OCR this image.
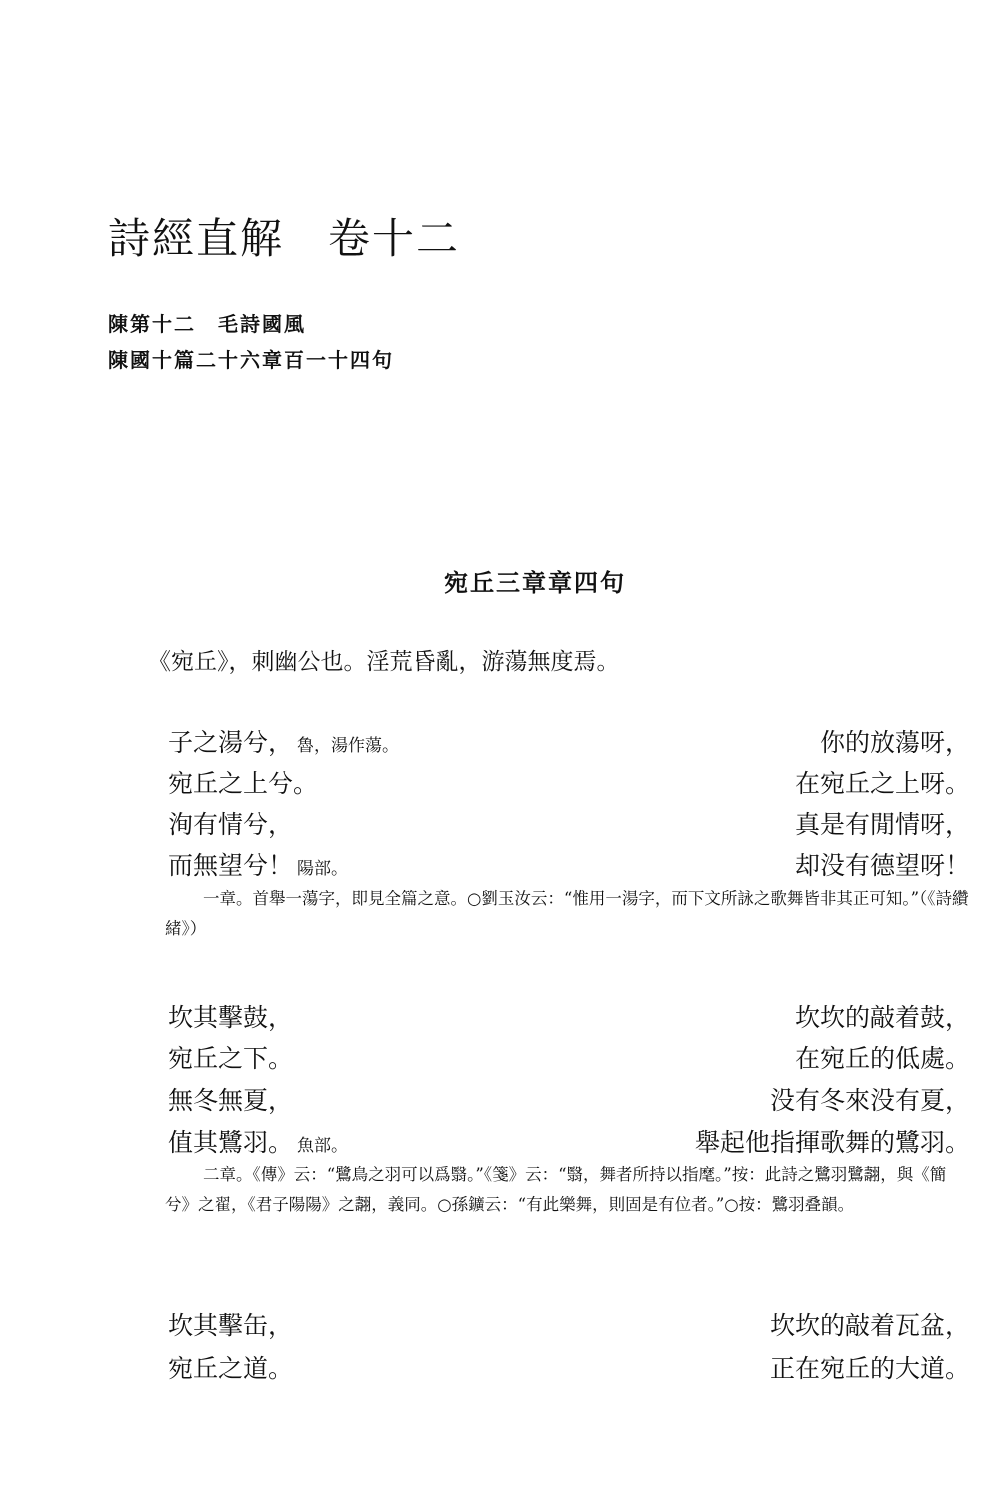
詩經直解　卷十二
陳第十二　毛詩國風
陳國十篇二十六章百一十四句
宛丘三章章四句
《宛丘》，刺幽公也。淫荒昏亂，游蕩無度焉。
子之湯兮， 魯，湯作蕩。	你的放蕩呀，
宛丘之上兮。	在宛丘之上呀。
洵有情兮，	真是有閒情呀，
而無望兮！ 陽部。	却没有德望呀！
一章。首舉一蕩字，即見全篇之意。○劉玉汝云：“惟用一湯字，而下文所詠之歌舞皆非其正可知。”（《詩纘緒》）
坎其擊鼓，	坎坎的敲着鼓，
宛丘之下。	在宛丘的低處。
無冬無夏，	没有冬來没有夏，
值其鷺羽。 魚部。	舉起他指揮歌舞的鷺羽。
二章。《傳》云：“鷺鳥之羽可以爲翳。”《箋》云：“翳，舞者所持以指麾。”按：此詩之鷺羽鷺翿，與《簡兮》之翟，《君子陽陽》之翿，義同。○孫鑛云：“有此樂舞，則固是有位者。”○按：鷺羽叠韻。
坎其擊缶，	坎坎的敲着瓦盆，
宛丘之道。	正在宛丘的大道。
